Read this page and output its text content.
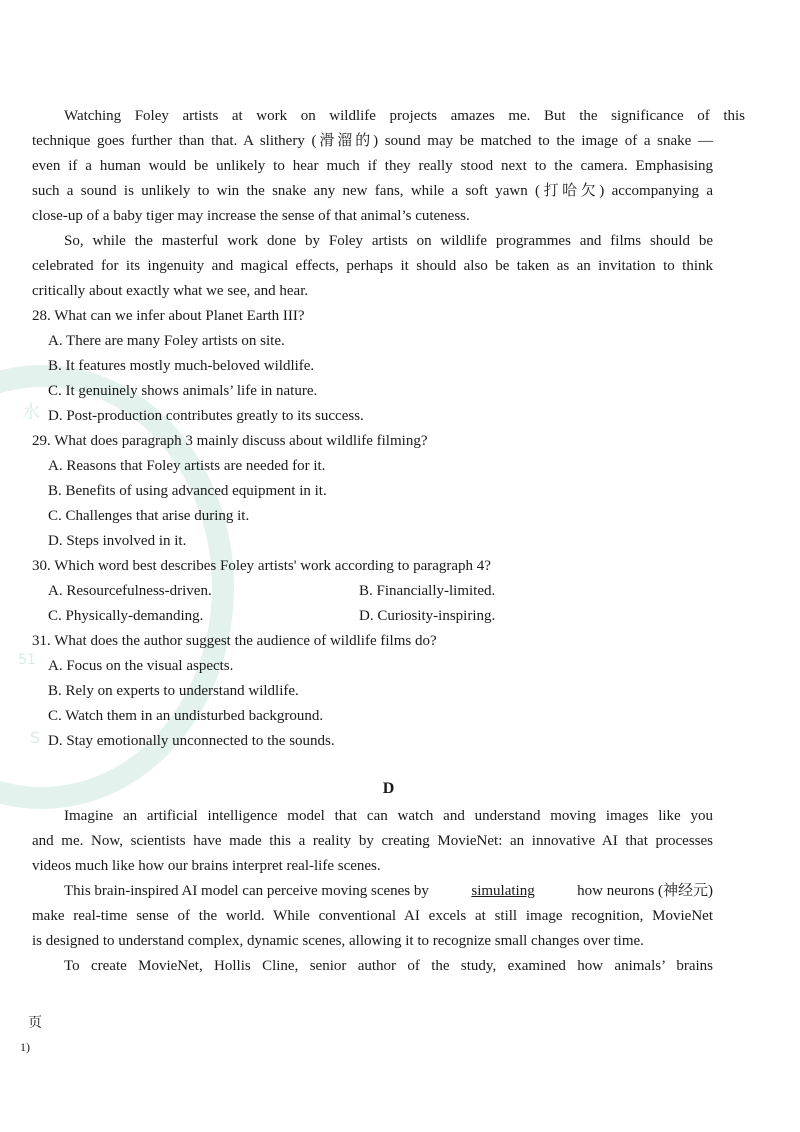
水
51
S
Watching Foley artists at work on wildlife projects amazes me. But the significance of this
technique goes further than that. A slithery (滑溜的) sound may be matched to the image of a snake —
even if a human would be unlikely to hear much if they really stood next to the camera. Emphasising
such a sound is unlikely to win the snake any new fans, while a soft yawn (打哈欠) accompanying a
close-up of a baby tiger may increase the sense of that animal’s cuteness.
So, while the masterful work done by Foley artists on wildlife programmes and films should be
celebrated for its ingenuity and magical effects, perhaps it should also be taken as an invitation to think
critically about exactly what we see, and hear.
28. What can we infer about Planet Earth III?
A. There are many Foley artists on site.
B. It features mostly much-beloved wildlife.
C. It genuinely shows animals’ life in nature.
D. Post-production contributes greatly to its success.
29. What does paragraph 3 mainly discuss about wildlife filming?
A. Reasons that Foley artists are needed for it.
B. Benefits of using advanced equipment in it.
C. Challenges that arise during it.
D. Steps involved in it.
30. Which word best describes Foley artists' work according to paragraph 4?
A. Resourcefulness-driven.	B. Financially-limited.
C. Physically-demanding.	D. Curiosity-inspiring.
31. What does the author suggest the audience of wildlife films do?
A. Focus on the visual aspects.
B. Rely on experts to understand wildlife.
C. Watch them in an undisturbed background.
D. Stay emotionally unconnected to the sounds.
D
Imagine an artificial intelligence model that can watch and understand moving images like you
and me. Now, scientists have made this a reality by creating MovieNet: an innovative AI that processes
videos much like how our brains interpret real-life scenes.
This brain-inspired AI model can perceive moving scenes by	simulating	how neurons (神经元)
make real-time sense of the world. While conventional AI excels at still image recognition, MovieNet
is designed to understand complex, dynamic scenes, allowing it to recognize small changes over time.
To create MovieNet, Hollis Cline, senior author of the study, examined how animals’ brains
页
1)
